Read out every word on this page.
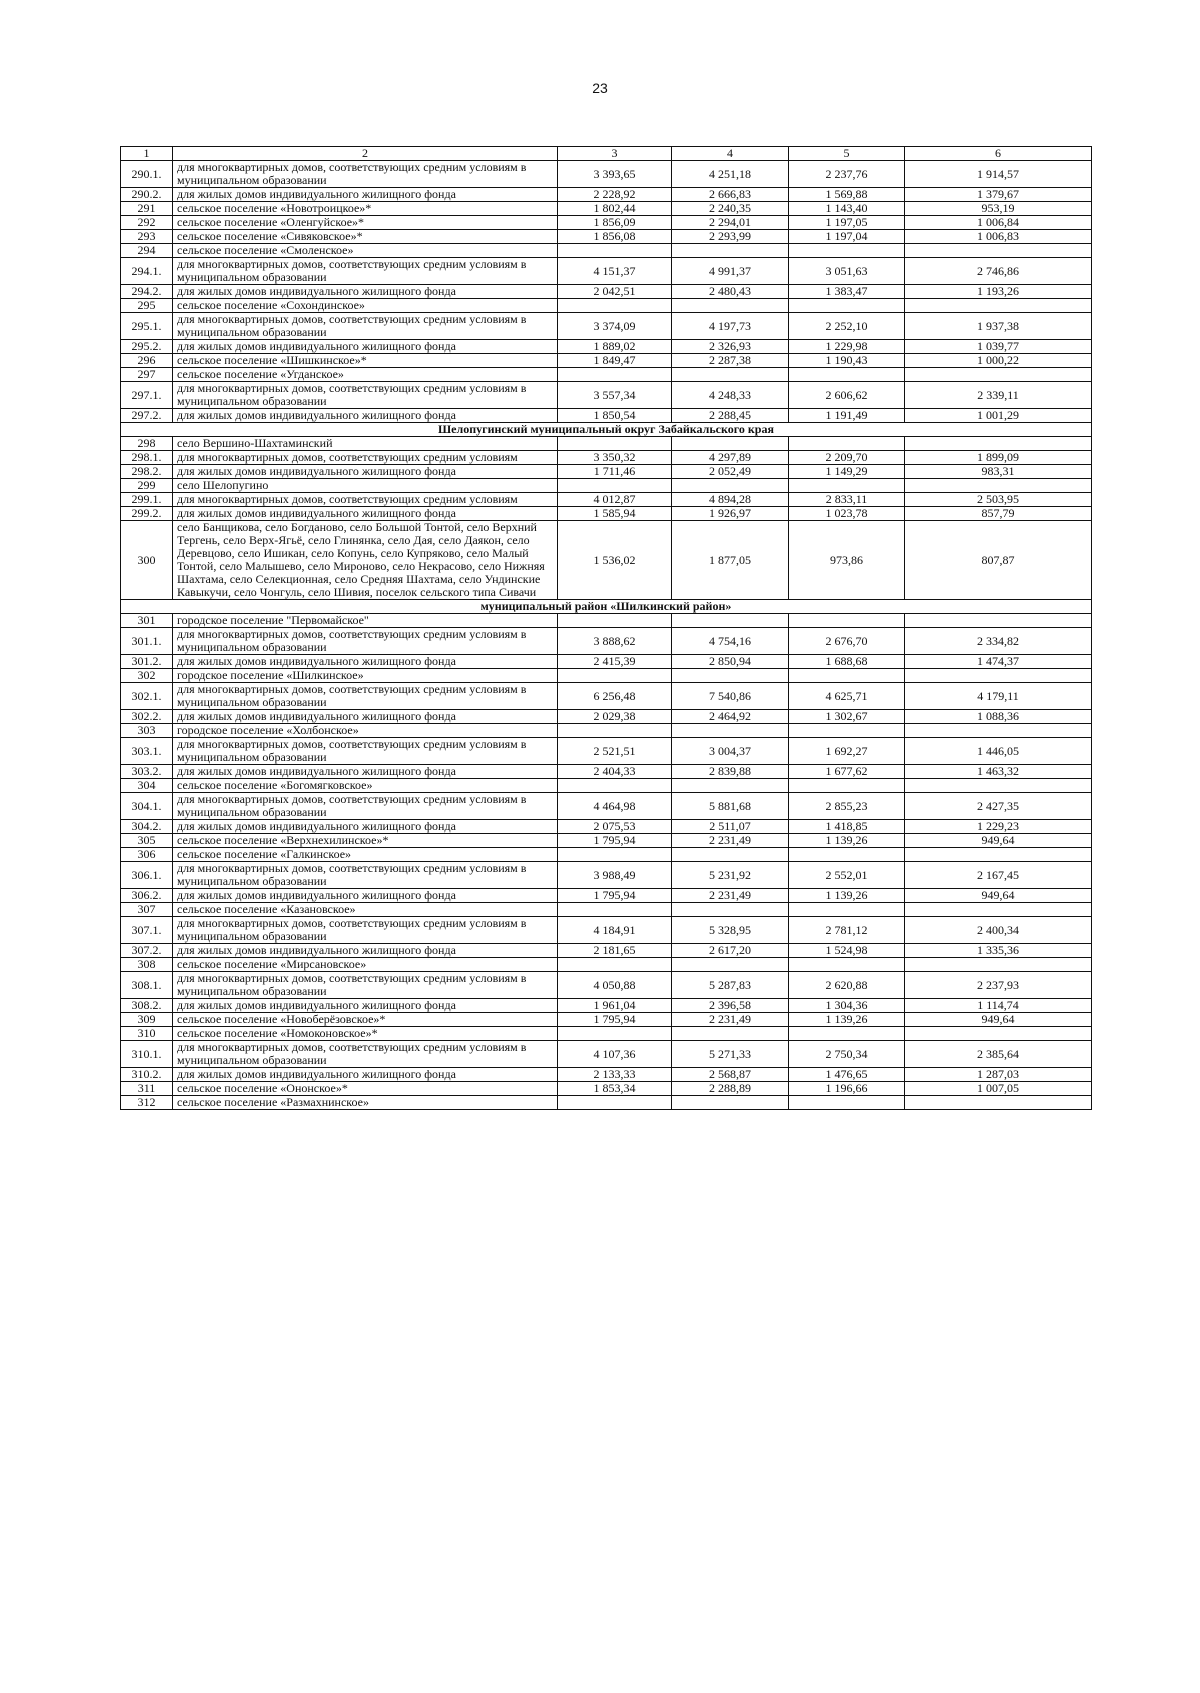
23
1	2	3	4	5	6
290.1.	для многоквартирных домов, соответствующих средним условиям в муниципальном образовании	3 393,65	4 251,18	2 237,76	1 914,57
290.2.	для жилых домов индивидуального жилищного фонда	2 228,92	2 666,83	1 569,88	1 379,67
291	сельское поселение «Новотроицкое»*	1 802,44	2 240,35	1 143,40	953,19
292	сельское поселение «Оленгуйское»*	1 856,09	2 294,01	1 197,05	1 006,84
293	сельское поселение «Сивяковское»*	1 856,08	2 293,99	1 197,04	1 006,83
294	сельское поселение «Смоленское»				
294.1.	для многоквартирных домов, соответствующих средним условиям в муниципальном образовании	4 151,37	4 991,37	3 051,63	2 746,86
294.2.	для жилых домов индивидуального жилищного фонда	2 042,51	2 480,43	1 383,47	1 193,26
295	сельское поселение «Сохондинское»				
295.1.	для многоквартирных домов, соответствующих средним условиям в муниципальном образовании	3 374,09	4 197,73	2 252,10	1 937,38
295.2.	для жилых домов индивидуального жилищного фонда	1 889,02	2 326,93	1 229,98	1 039,77
296	сельское поселение «Шишкинское»*	1 849,47	2 287,38	1 190,43	1 000,22
297	сельское поселение «Угданское»				
297.1.	для многоквартирных домов, соответствующих средним условиям в муниципальном образовании	3 557,34	4 248,33	2 606,62	2 339,11
297.2.	для жилых домов индивидуального жилищного фонда	1 850,54	2 288,45	1 191,49	1 001,29
Шелопугинский муниципальный округ Забайкальского края					
298	село Вершино-Шахтаминский				
298.1.	для многоквартирных домов, соответствующих средним условиям	3 350,32	4 297,89	2 209,70	1 899,09
298.2.	для жилых домов индивидуального жилищного фонда	1 711,46	2 052,49	1 149,29	983,31
299	село Шелопугино				
299.1.	для многоквартирных домов, соответствующих средним условиям	4 012,87	4 894,28	2 833,11	2 503,95
299.2.	для жилых домов индивидуального жилищного фонда	1 585,94	1 926,97	1 023,78	857,79
300	село Банщикова, село Богданово, село Большой Тонтой, село Верхний Тергень, село Верх-Ягьё, село Глинянка, село Дая, село Даякон, село Деревцово, село Ишикан, село Копунь, село Купряково, село Малый Тонтой, село Малышево, село Мироново, село Некрасово, село Нижняя Шахтама, село Селекционная, село Средняя Шахтама, село Ундинские Кавыкучи, село Чонгуль, село Шивия, поселок сельского типа Сивачи	1 536,02	1 877,05	973,86	807,87
муниципальный район «Шилкинский район»					
301	городское поселение "Первомайское"				
301.1.	для многоквартирных домов, соответствующих средним условиям в муниципальном образовании	3 888,62	4 754,16	2 676,70	2 334,82
301.2.	для жилых домов индивидуального жилищного фонда	2 415,39	2 850,94	1 688,68	1 474,37
302	городское поселение «Шилкинское»				
302.1.	для многоквартирных домов, соответствующих средним условиям в муниципальном образовании	6 256,48	7 540,86	4 625,71	4 179,11
302.2.	для жилых домов индивидуального жилищного фонда	2 029,38	2 464,92	1 302,67	1 088,36
303	городское поселение «Холбонское»				
303.1.	для многоквартирных домов, соответствующих средним условиям в муниципальном образовании	2 521,51	3 004,37	1 692,27	1 446,05
303.2.	для жилых домов индивидуального жилищного фонда	2 404,33	2 839,88	1 677,62	1 463,32
304	сельское поселение «Богомягковское»				
304.1.	для многоквартирных домов, соответствующих средним условиям в муниципальном образовании	4 464,98	5 881,68	2 855,23	2 427,35
304.2.	для жилых домов индивидуального жилищного фонда	2 075,53	2 511,07	1 418,85	1 229,23
305	сельское поселение «Верхнехилинское»*	1 795,94	2 231,49	1 139,26	949,64
306	сельское поселение «Галкинское»				
306.1.	для многоквартирных домов, соответствующих средним условиям в муниципальном образовании	3 988,49	5 231,92	2 552,01	2 167,45
306.2.	для жилых домов индивидуального жилищного фонда	1 795,94	2 231,49	1 139,26	949,64
307	сельское поселение «Казановское»				
307.1.	для многоквартирных домов, соответствующих средним условиям в муниципальном образовании	4 184,91	5 328,95	2 781,12	2 400,34
307.2.	для жилых домов индивидуального жилищного фонда	2 181,65	2 617,20	1 524,98	1 335,36
308	сельское поселение «Мирсановское»				
308.1.	для многоквартирных домов, соответствующих средним условиям в муниципальном образовании	4 050,88	5 287,83	2 620,88	2 237,93
308.2.	для жилых домов индивидуального жилищного фонда	1 961,04	2 396,58	1 304,36	1 114,74
309	сельское поселение «Новоберёзовское»*	1 795,94	2 231,49	1 139,26	949,64
310	сельское поселение «Номоконовское»*				
310.1.	для многоквартирных домов, соответствующих средним условиям в муниципальном образовании	4 107,36	5 271,33	2 750,34	2 385,64
310.2.	для жилых домов индивидуального жилищного фонда	2 133,33	2 568,87	1 476,65	1 287,03
311	сельское поселение «Ононское»*	1 853,34	2 288,89	1 196,66	1 007,05
312	сельское поселение «Размахнинское»				
